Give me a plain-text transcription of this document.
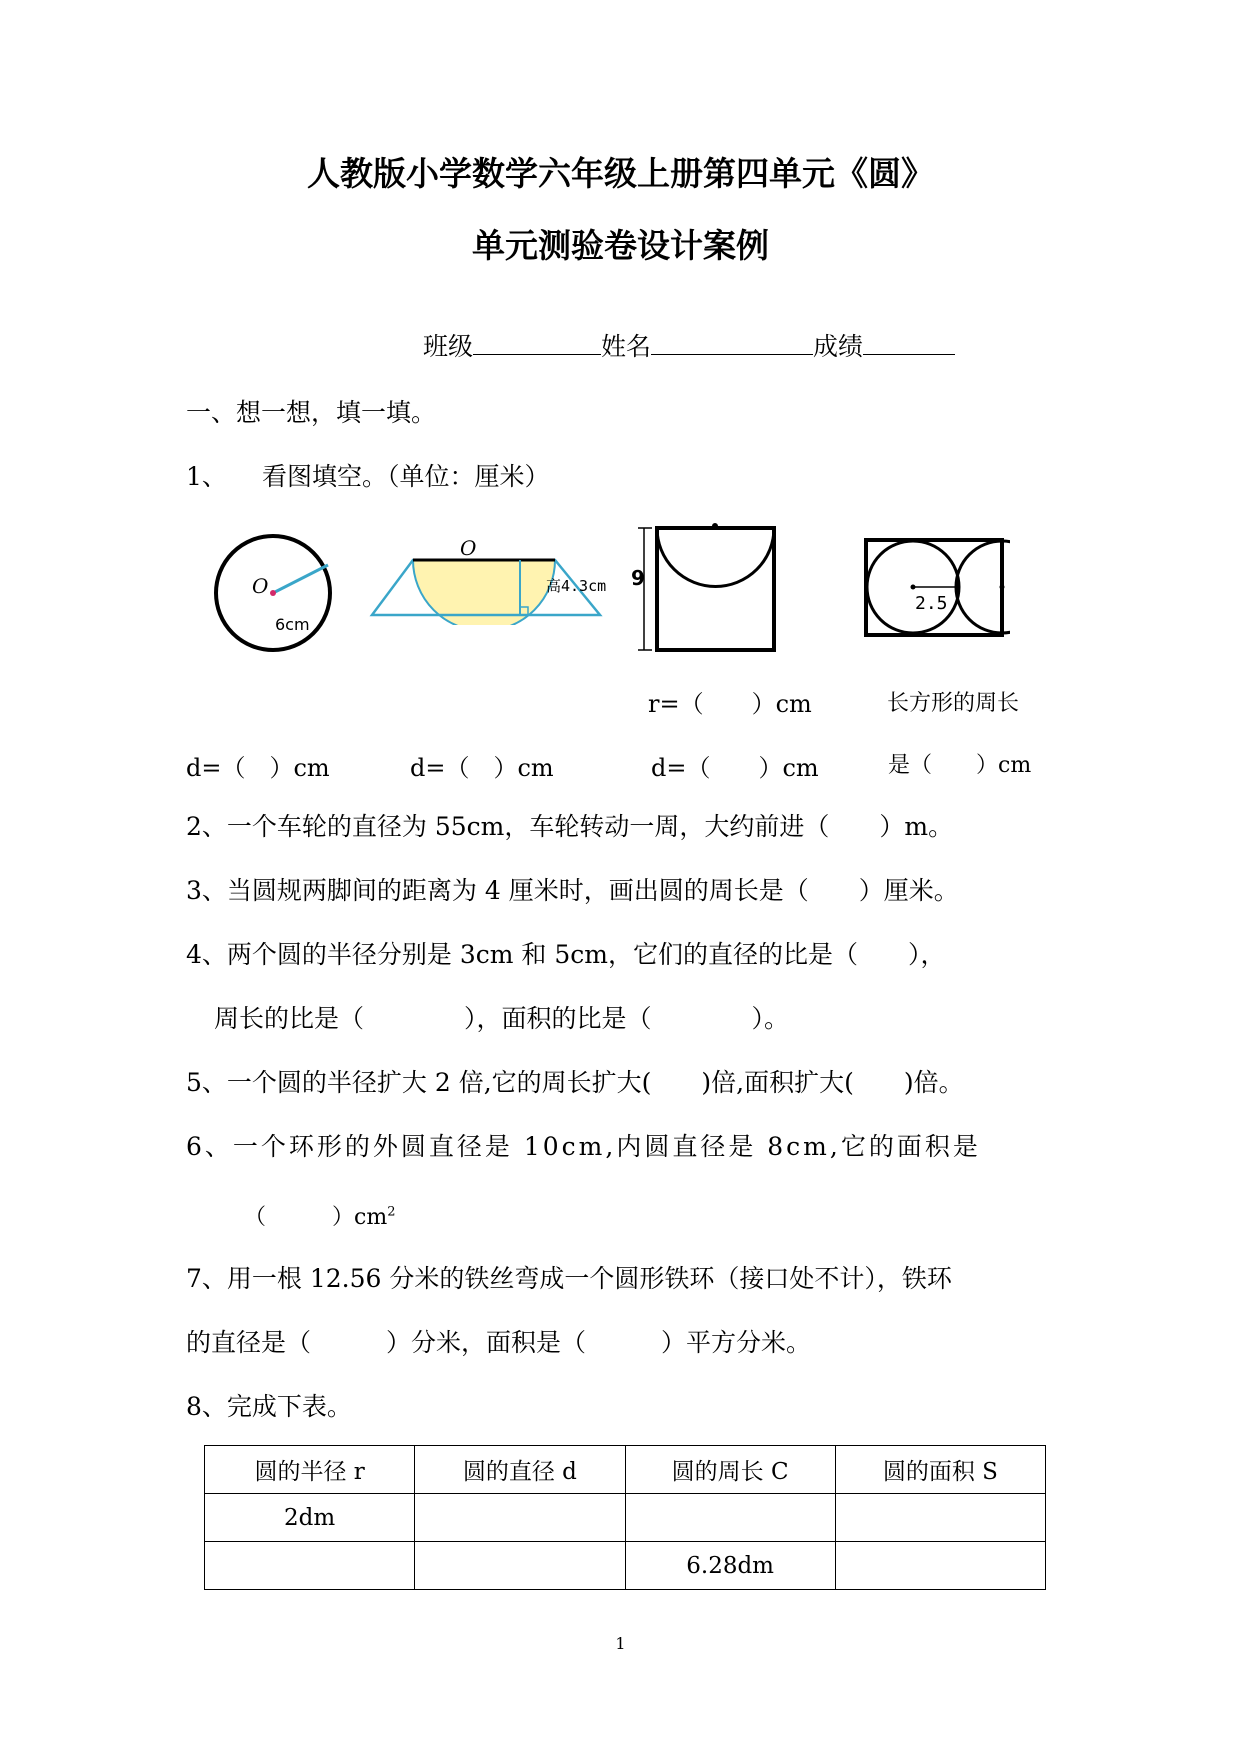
人教版小学数学六年级上册第四单元《圆》
单元测验卷设计案例
班级	姓名	成绩
一、想一想，填一填。
1、 看图填空。（单位：厘米）
O
6cm
O
高4.3cm 9
2.5
r=（　　）cm	长方形的周长
d=（　）cm	d=（　）cm	d=（　　）cm	是（　　）cm
2、一个车轮的直径为 55cm，车轮转动一周，大约前进（　　）m。
3、当圆规两脚间的距离为 4 厘米时，画出圆的周长是（　　）厘米。
4、两个圆的半径分别是 3cm 和 5cm，它们的直径的比是（　　），
周长的比是（　　　　），面积的比是（　　　　）。
5、一个圆的半径扩大 2 倍,它的周长扩大(　　)倍,面积扩大(　　)倍。
6、一个环形的外圆直径是 10cm,内圆直径是 8cm,它的面积是
（　　　）$cm^2$
7、用一根 12.56 分米的铁丝弯成一个圆形铁环（接口处不计），铁环
的直径是（　　　）分米，面积是（　　　）平方分米。
8、完成下表。
圆的半径 r	圆的直径 d	圆的周长 C	圆的面积 S
2dm			
		6.28dm	
1
